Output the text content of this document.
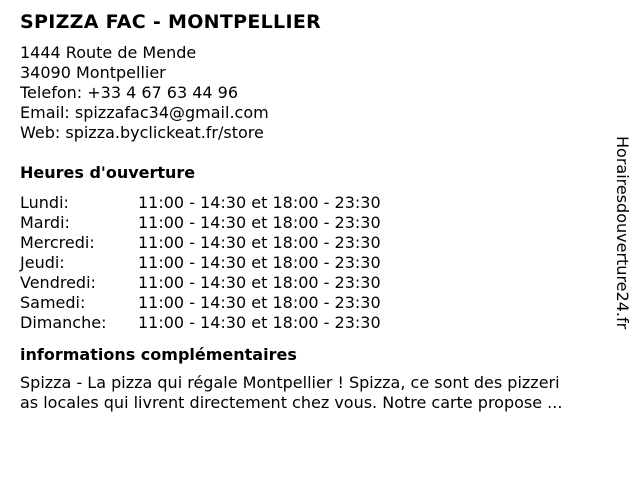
SPIZZA FAC - MONTPELLIER
1444 Route de Mende
34090 Montpellier
Telefon: +33 4 67 63 44 96
Email: spizzafac34@gmail.com
Web: spizza.byclickeat.fr/store
Heures d'ouverture
Lundi:	11:00 - 14:30 et 18:00 - 23:30
Mardi:	11:00 - 14:30 et 18:00 - 23:30
Mercredi:	11:00 - 14:30 et 18:00 - 23:30
Jeudi:	11:00 - 14:30 et 18:00 - 23:30
Vendredi:	11:00 - 14:30 et 18:00 - 23:30
Samedi:	11:00 - 14:30 et 18:00 - 23:30
Dimanche:	11:00 - 14:30 et 18:00 - 23:30
informations complémentaires
Spizza - La pizza qui régale Montpellier ! Spizza, ce sont des pizzeri
as locales qui livrent directement chez vous. Notre carte propose ...
Horairesdouverture24.fr
